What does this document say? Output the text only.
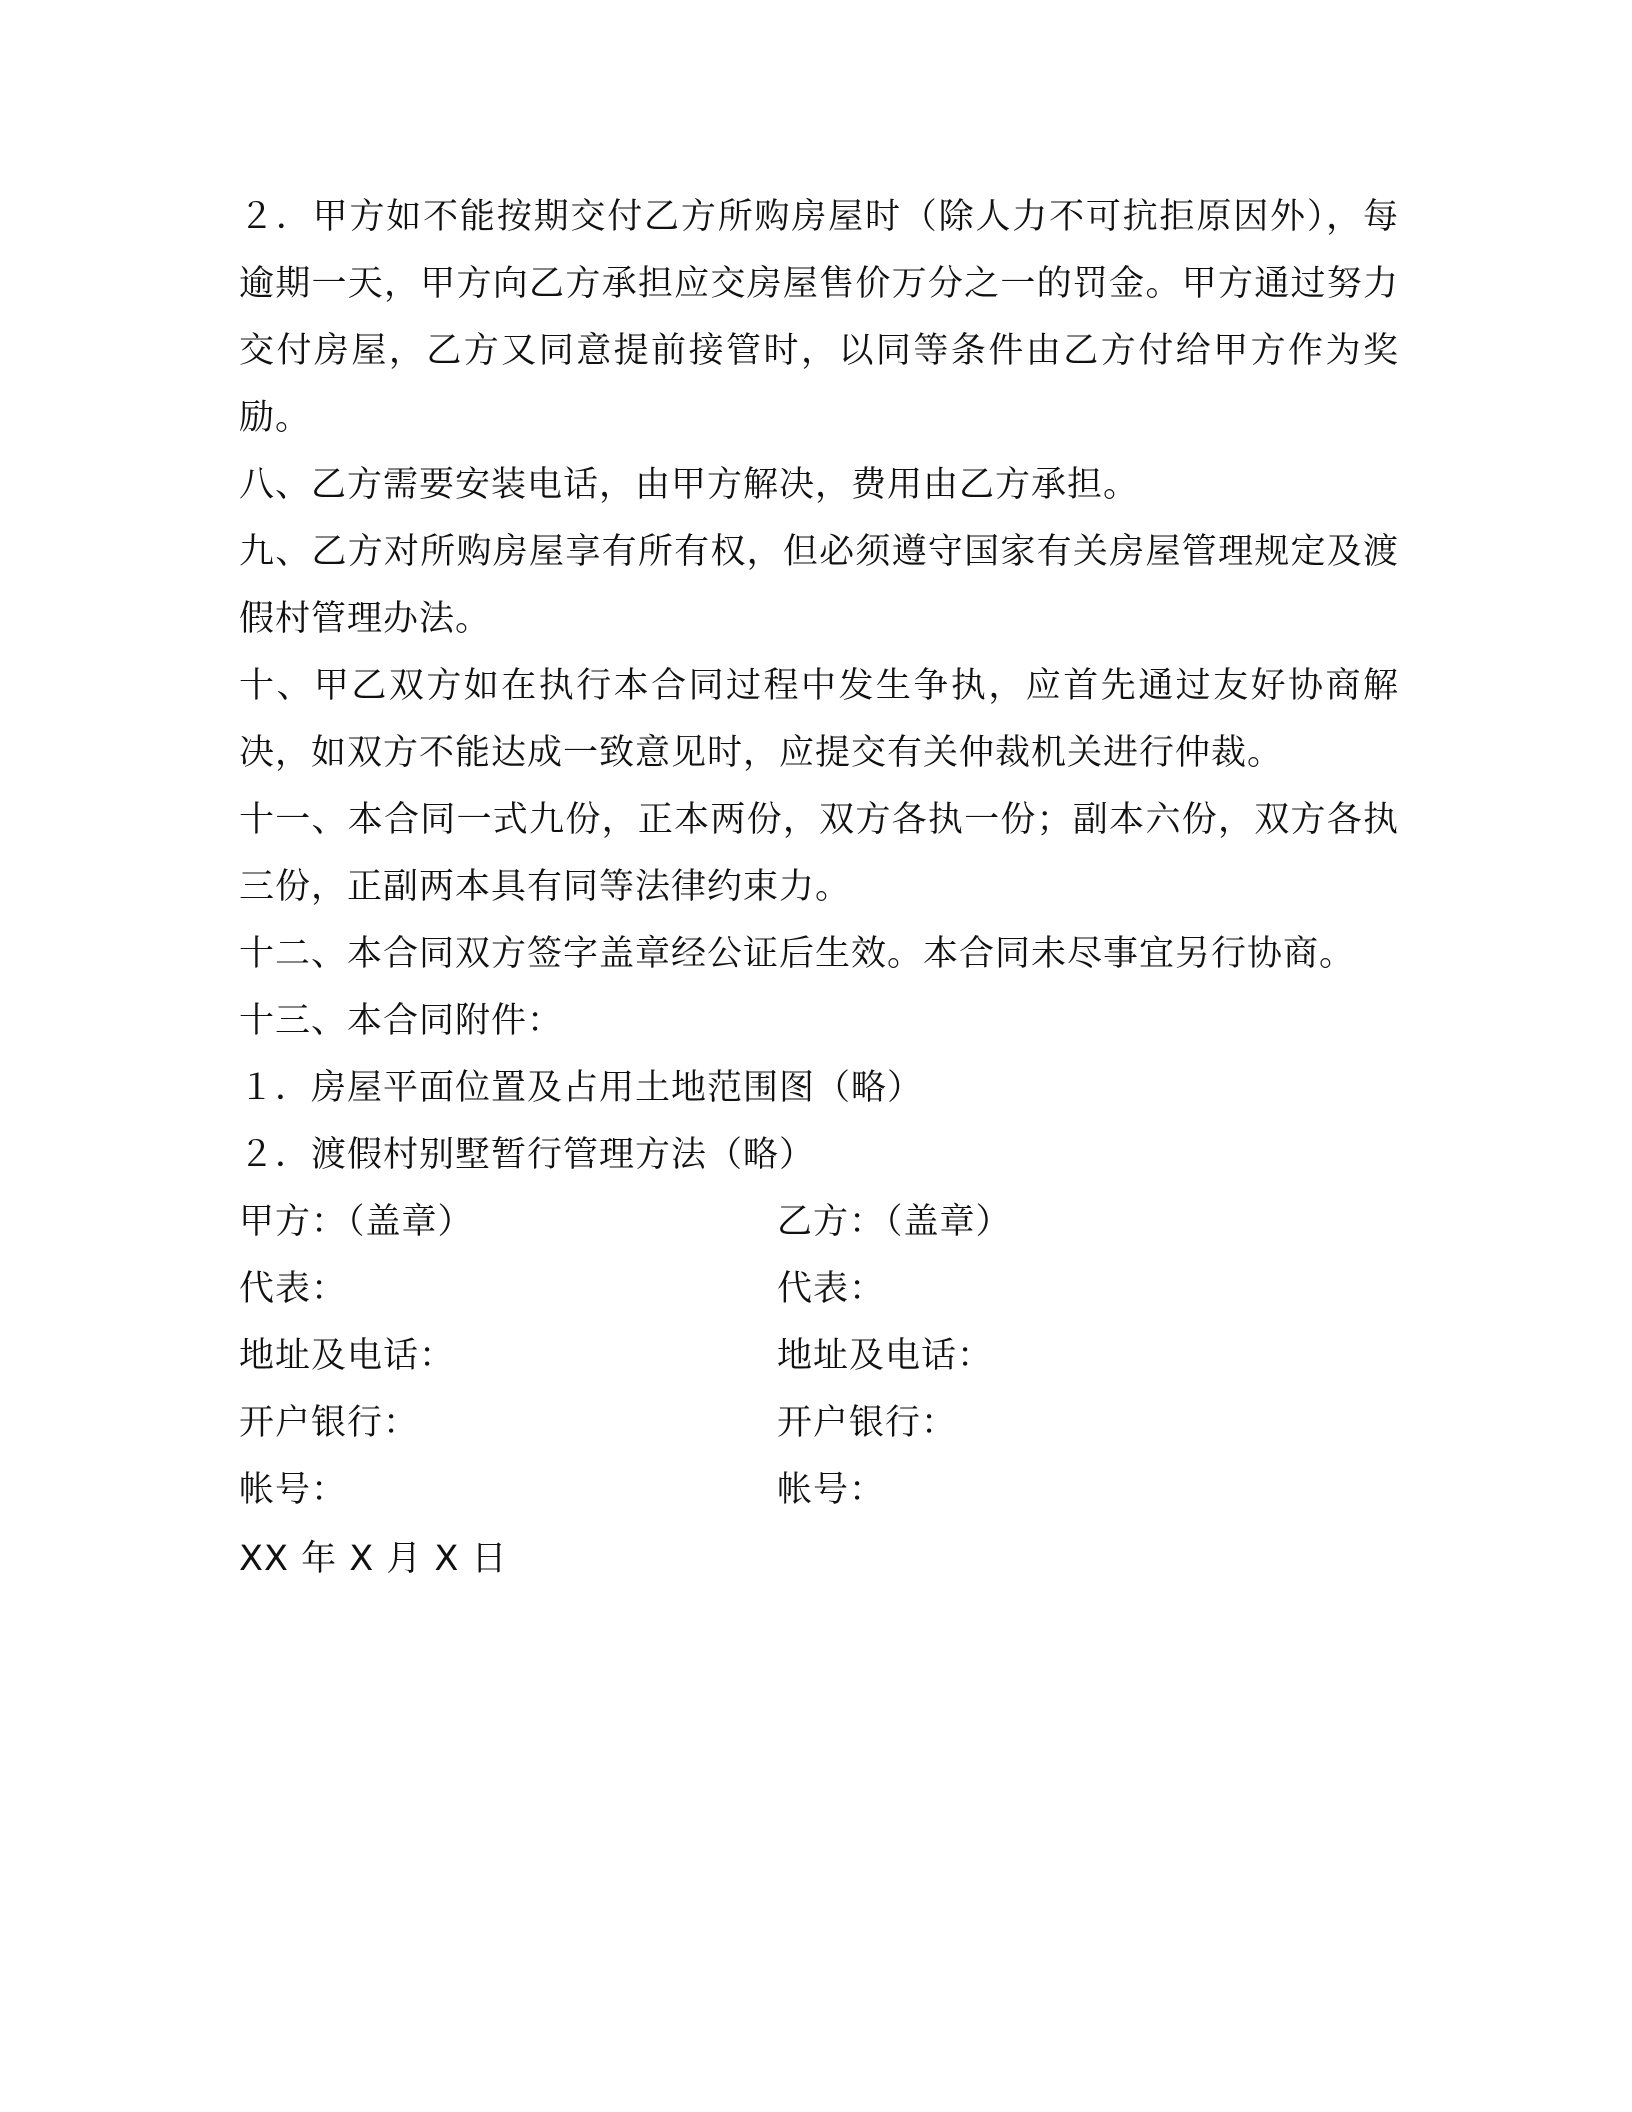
２．甲方如不能按期交付乙方所购房屋时（除人力不可抗拒原因外），每逾期一天，甲方向乙方承担应交房屋售价万分之一的罚金。甲方通过努力交付房屋，乙方又同意提前接管时，以同等条件由乙方付给甲方作为奖励。

八、乙方需要安装电话，由甲方解决，费用由乙方承担。

九、乙方对所购房屋享有所有权，但必须遵守国家有关房屋管理规定及渡假村管理办法。

十、甲乙双方如在执行本合同过程中发生争执，应首先通过友好协商解决，如双方不能达成一致意见时，应提交有关仲裁机关进行仲裁。

十一、本合同一式九份，正本两份，双方各执一份；副本六份，双方各执三份，正副两本具有同等法律约束力。

十二、本合同双方签字盖章经公证后生效。本合同未尽事宜另行协商。

十三、本合同附件：

１．房屋平面位置及占用土地范围图（略）

２．渡假村别墅暂行管理方法（略）

甲方：（盖章）	乙方：（盖章）
代表：	代表：
地址及电话：	地址及电话：
开户银行：	开户银行：
帐号：	帐号：
XX 年 X 月 X 日
